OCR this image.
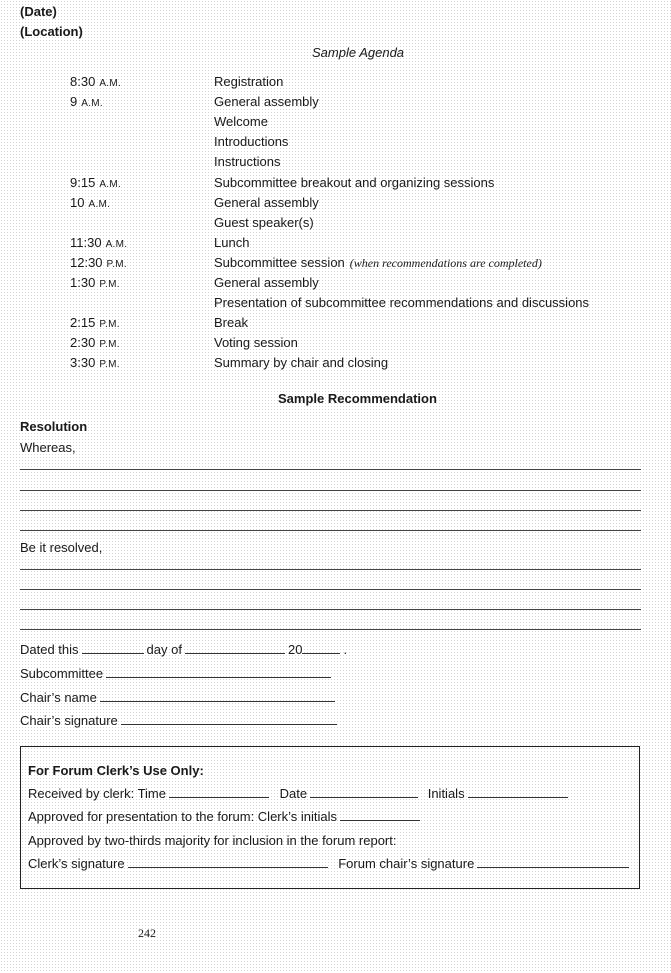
(Date)
(Location)
Sample Agenda
8:30 A.M.	Registration
9 A.M.	General assembly
Welcome
Introductions
Instructions
9:15 A.M.	Subcommittee breakout and organizing sessions
10 A.M.	General assembly
Guest speaker(s)
11:30 A.M.	Lunch
12:30 P.M.	Subcommittee session (when recommendations are completed)
1:30 P.M.	General assembly
Presentation of subcommittee recommendations and discussions
2:15 P.M.	Break
2:30 P.M.	Voting session
3:30 P.M.	Summary by chair and closing
Sample Recommendation
Resolution
Whereas,
Be it resolved,
Dated this	day of	20	.
Subcommittee
Chair’s name
Chair’s signature
For Forum Clerk’s Use Only:
Received by clerk: Time	Date	Initials
Approved for presentation to the forum: Clerk’s initials
Approved by two-thirds majority for inclusion in the forum report:
Clerk’s signature	Forum chair’s signature
242
